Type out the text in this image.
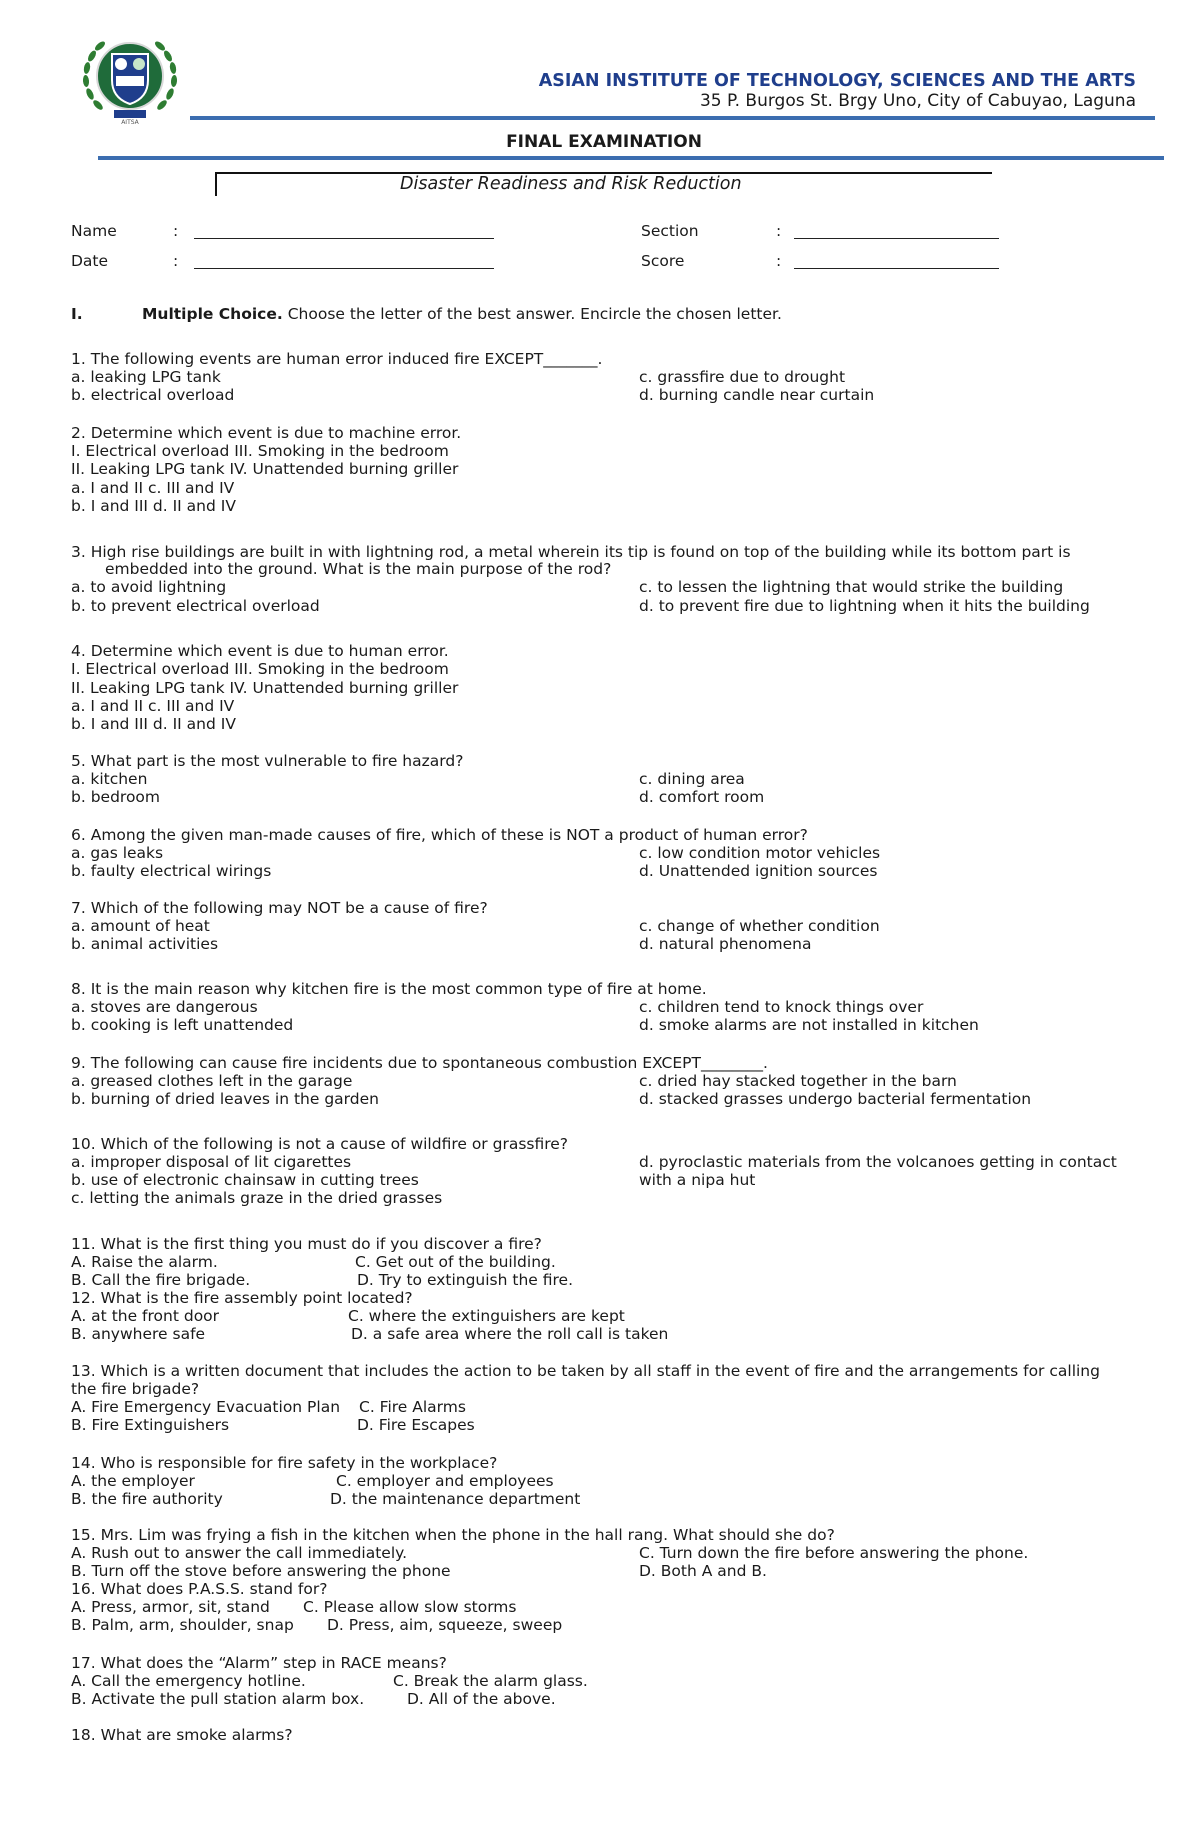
AITSA
ASIAN INSTITUTE OF TECHNOLOGY, SCIENCES AND THE ARTS
35 P. Burgos St. Brgy Uno, City of Cabuyao, Laguna
FINAL EXAMINATION
Disaster Readiness and Risk Reduction
Name	:	Section	:
Date	:	Score	:
I.	Multiple Choice. Choose the letter of the best answer. Encircle the chosen letter.
1. The following events are human error induced fire EXCEPT_______.
a. leaking LPG tank
b. electrical overload
c. grassfire due to drought
d. burning candle near curtain
2. Determine which event is due to machine error.
I. Electrical overload III. Smoking in the bedroom
II. Leaking LPG tank IV. Unattended burning griller
a. I and II c. III and IV
b. I and III d. II and IV
3. High rise buildings are built in with lightning rod, a metal wherein its tip is found on top of the building while its bottom part is
embedded into the ground. What is the main purpose of the rod?
a. to avoid lightning
b. to prevent electrical overload
c. to lessen the lightning that would strike the building
d. to prevent fire due to lightning when it hits the building
4. Determine which event is due to human error.
I. Electrical overload III. Smoking in the bedroom
II. Leaking LPG tank IV. Unattended burning griller
a. I and II c. III and IV
b. I and III d. II and IV
5. What part is the most vulnerable to fire hazard?
a. kitchen
b. bedroom
c. dining area
d. comfort room
6. Among the given man-made causes of fire, which of these is NOT a product of human error?
a. gas leaks
b. faulty electrical wirings
c. low condition motor vehicles
d. Unattended ignition sources
7. Which of the following may NOT be a cause of fire?
a. amount of heat
b. animal activities
c. change of whether condition
d. natural phenomena
8. It is the main reason why kitchen fire is the most common type of fire at home.
a. stoves are dangerous
b. cooking is left unattended
c. children tend to knock things over
d. smoke alarms are not installed in kitchen
9. The following can cause fire incidents due to spontaneous combustion EXCEPT________.
a. greased clothes left in the garage
b. burning of dried leaves in the garden
c. dried hay stacked together in the barn
d. stacked grasses undergo bacterial fermentation
10. Which of the following is not a cause of wildfire or grassfire?
a. improper disposal of lit cigarettes
b. use of electronic chainsaw in cutting trees
c. letting the animals graze in the dried grasses
d. pyroclastic materials from the volcanoes getting in contact
with a nipa hut
11. What is the first thing you must do if you discover a fire?
A. Raise the alarm.	C. Get out of the building.
B. Call the fire brigade.	D. Try to extinguish the fire.
12. What is the fire assembly point located?
A. at the front door	C. where the extinguishers are kept
B. anywhere safe	D. a safe area where the roll call is taken
13. Which is a written document that includes the action to be taken by all staff in the event of fire and the arrangements for calling
the fire brigade?
A. Fire Emergency Evacuation Plan C. Fire Alarms
B. Fire Extinguishers	D. Fire Escapes
14. Who is responsible for fire safety in the workplace?
A. the employer	C. employer and employees
B. the fire authority	D. the maintenance department
15. Mrs. Lim was frying a fish in the kitchen when the phone in the hall rang. What should she do?
A. Rush out to answer the call immediately.	C. Turn down the fire before answering the phone.
B. Turn off the stove before answering the phone	D. Both A and B.
16. What does P.A.S.S. stand for?
A. Press, armor, sit, stand C. Please allow slow storms
B. Palm, arm, shoulder, snap D. Press, aim, squeeze, sweep
17. What does the “Alarm” step in RACE means?
A. Call the emergency hotline.	C. Break the alarm glass.
B. Activate the pull station alarm box.	D. All of the above.
18. What are smoke alarms?
